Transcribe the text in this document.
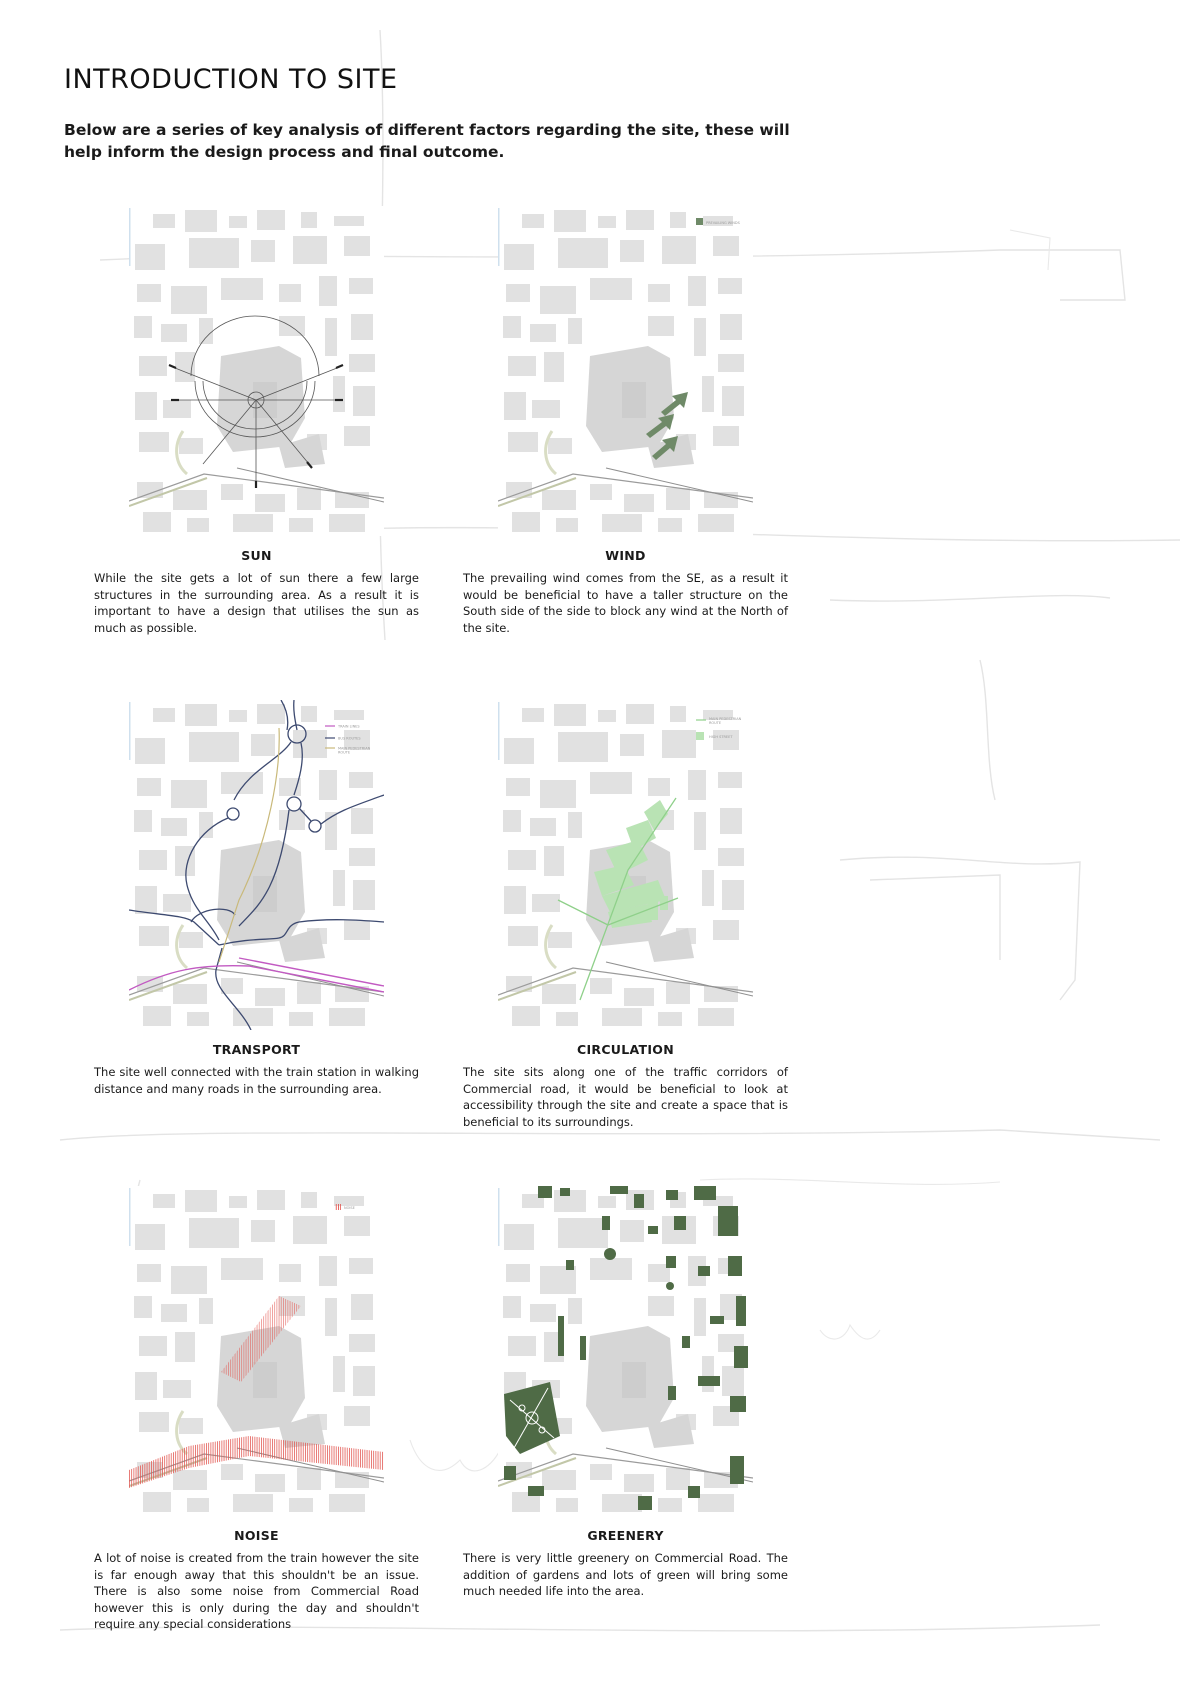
INTRODUCTION TO SITE

Below are a series of key analysis of different factors regarding the site, these will help inform the design process and final outcome.

SUN

While the site gets a lot of sun there a few large structures in the surrounding area. As a result it is important to have a design that utilises the sun as much as possible.

PREVAILING WINDS
WIND

The prevailing wind comes from the SE, as a result it would be beneficial to have a taller structure on the South side of the side to block any wind at the North of the site.

TRAIN LINES
BUS ROUTES
MAIN PEDESTRIAN
ROUTE
TRANSPORT

The site well connected with the train station in walking distance and many roads in the surrounding area.

MAIN PEDESTRIAN
ROUTE
HIGH STREET
CIRCULATION

The site sits along one of the traffic corridors of Commercial road, it would be beneficial to look at accessibility through the site and create a space that is beneficial to its surroundings.

NOISE
NOISE

A lot of noise is created from the train however the site is far enough away that this shouldn't be an issue. There is also some noise from Commercial Road however this is only during the day and shouldn't require any special considerations

GREENERY

There is very little greenery on Commercial Road. The addition of gardens and lots of green will bring some much needed life into the area.
